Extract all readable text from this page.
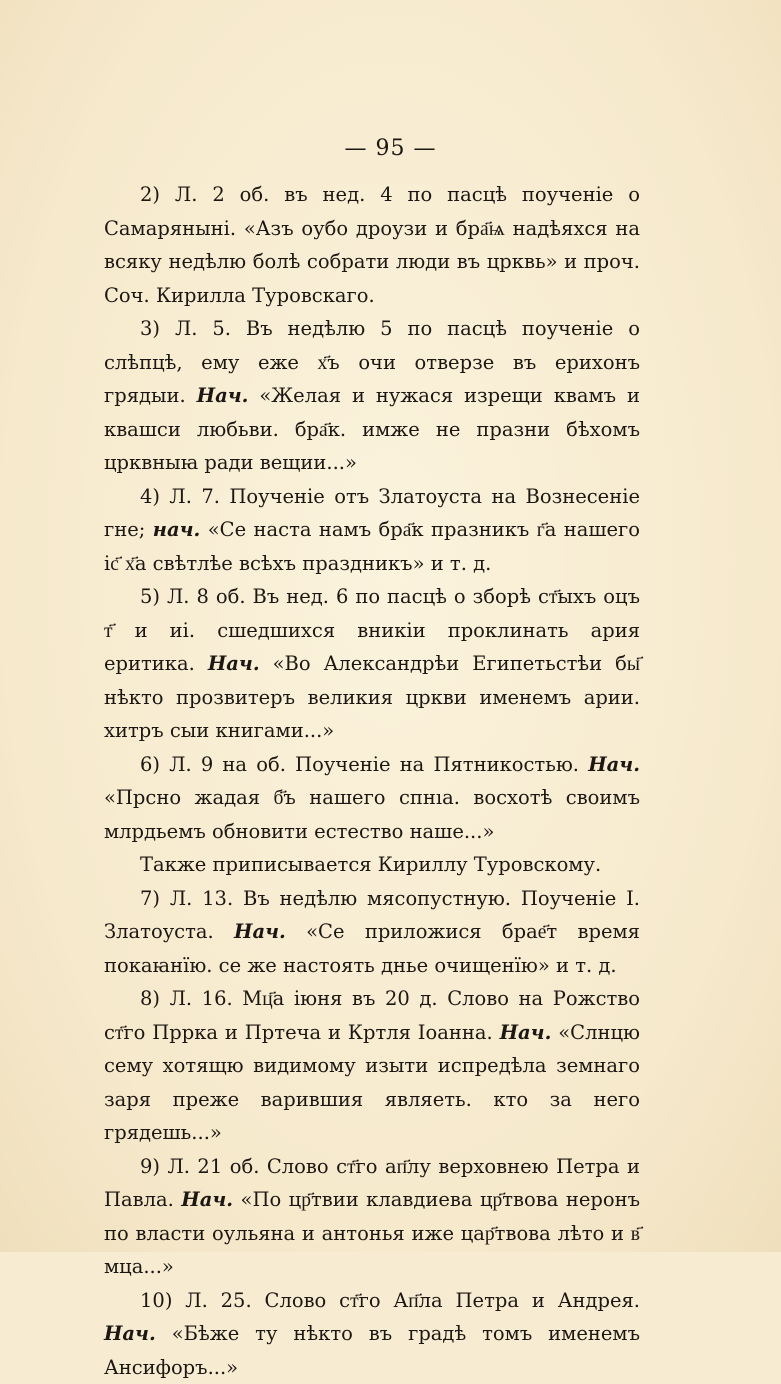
— 95 —

2) Л. 2 об. въ нед. 4 по пасцѣ поученіе о Самарянынi. «Азъ оубо дроузи и бра҃ѩ надѣяхся на всяку недѣлю болѣ собрати люди въ црквь» и проч. Соч. Кирилла Туровскаго.

3) Л. 5. Въ недѣлю 5 по пасцѣ поученіе о слѣпцѣ, ему еже х҃ъ очи отверзе въ ерихонъ грядыи. Нач. «Желая и нужася изрещи квамъ и квашси любьви. бра҃к. имже не празни бѣхомъ црквныꙗ ради вещии...»

4) Л. 7. Поученіе отъ Златоуста на Вознесеніе гне; нач. «Се наста намъ бра҃к празникъ г҃а нашего іс҃ х҃а свѣтлѣе всѣхъ праздникъ» и т. д.

5) Л. 8 об. Въ нед. 6 по пасцѣ о зборѣ ст҃ыхъ оцъ т҃ и иі. сшедшихся вникіи проклинать ария еритика. Нач. «Во Александрѣи Египетьстѣи бы҃ нѣкто прозвитеръ великия цркви именемъ арии. хитръ сыи книгами...»

6) Л. 9 на об. Поученіе на Пятникостью. Нач. «Прсно жадая б҃ъ нашего спнıа. восхотѣ своимъ млрдьемъ обновити естество наше...»

Также приписывается Кириллу Туровскому.

7) Л. 13. Въ недѣлю мясопустную. Поученіе I. Златоуста. Нач. «Се приложися брае҃т время покаꙗнїю. се же настоять днье очищенїю» и т. д.

8) Л. 16. Мц҃а іюня въ 20 д. Слово на Рожство ст҃го Пррка и Пртеча и Кртля Іоанна. Нач. «Слнцю сему хотящю видимому изыти испредѣла земнаго заря преже варившия являеть. кто за него грядешь...»

9) Л. 21 об. Слово ст҃го ап҃лу верховнею Петра и Павла. Нач. «По цр҃твии клавдиева цр҃твова неронъ по власти оульяна и антонья иже цар҃твова лѣто и в҃ мца...»

10) Л. 25. Слово ст҃го Ап҃ла Петра и Андрея. Нач. «Бѣже ту нѣкто въ градѣ томъ именемъ Ансифоръ...»
